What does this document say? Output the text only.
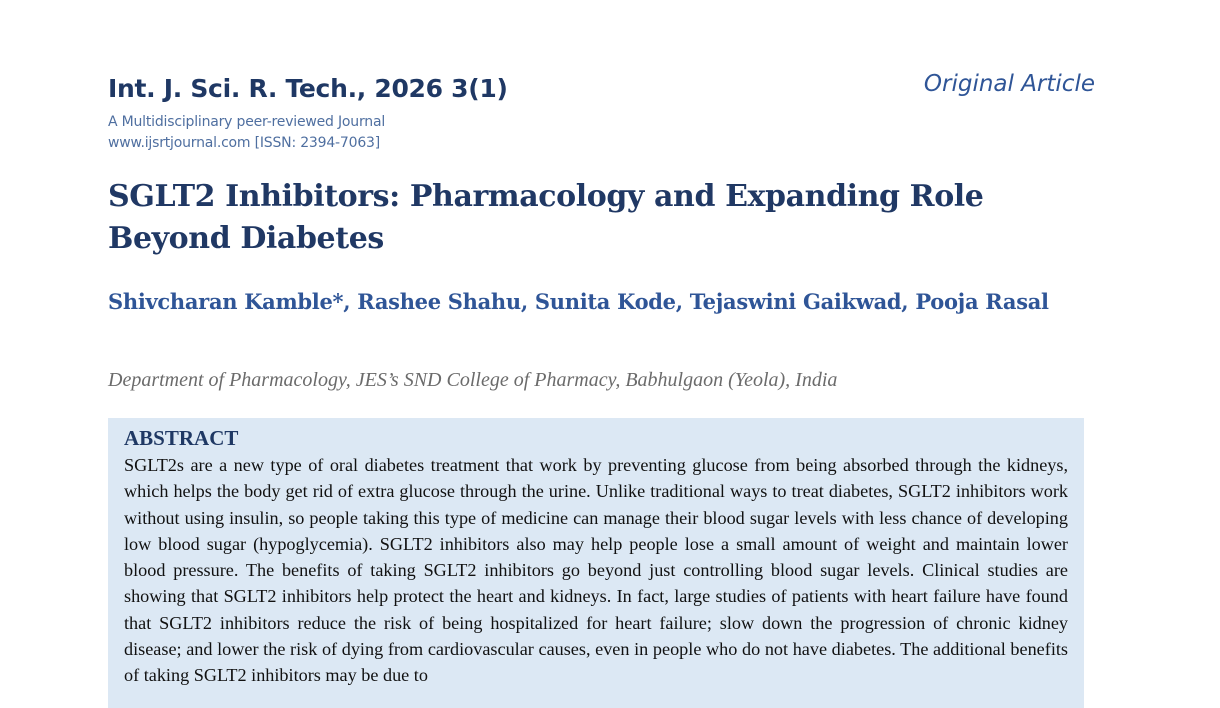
Int. J. Sci. R. Tech., 2026 3(1)
A Multidisciplinary peer-reviewed Journal
www.ijsrtjournal.com [ISSN: 2394-7063]
Original Article
SGLT2 Inhibitors: Pharmacology and Expanding Role Beyond Diabetes
Shivcharan Kamble*, Rashee Shahu, Sunita Kode, Tejaswini Gaikwad, Pooja Rasal
Department of Pharmacology, JES’s SND College of Pharmacy, Babhulgaon (Yeola), India
ABSTRACT

SGLT2s are a new type of oral diabetes treatment that work by preventing glucose from being absorbed through the kidneys, which helps the body get rid of extra glucose through the urine. Unlike traditional ways to treat diabetes, SGLT2 inhibitors work without using insulin, so people taking this type of medicine can manage their blood sugar levels with less chance of developing low blood sugar (hypoglycemia). SGLT2 inhibitors also may help people lose a small amount of weight and maintain lower blood pressure. The benefits of taking SGLT2 inhibitors go beyond just controlling blood sugar levels. Clinical studies are showing that SGLT2 inhibitors help protect the heart and kidneys. In fact, large studies of patients with heart failure have found that SGLT2 inhibitors reduce the risk of being hospitalized for heart failure; slow down the progression of chronic kidney disease; and lower the risk of dying from cardiovascular causes, even in people who do not have diabetes. The additional benefits of taking SGLT2 inhibitors may be due to
